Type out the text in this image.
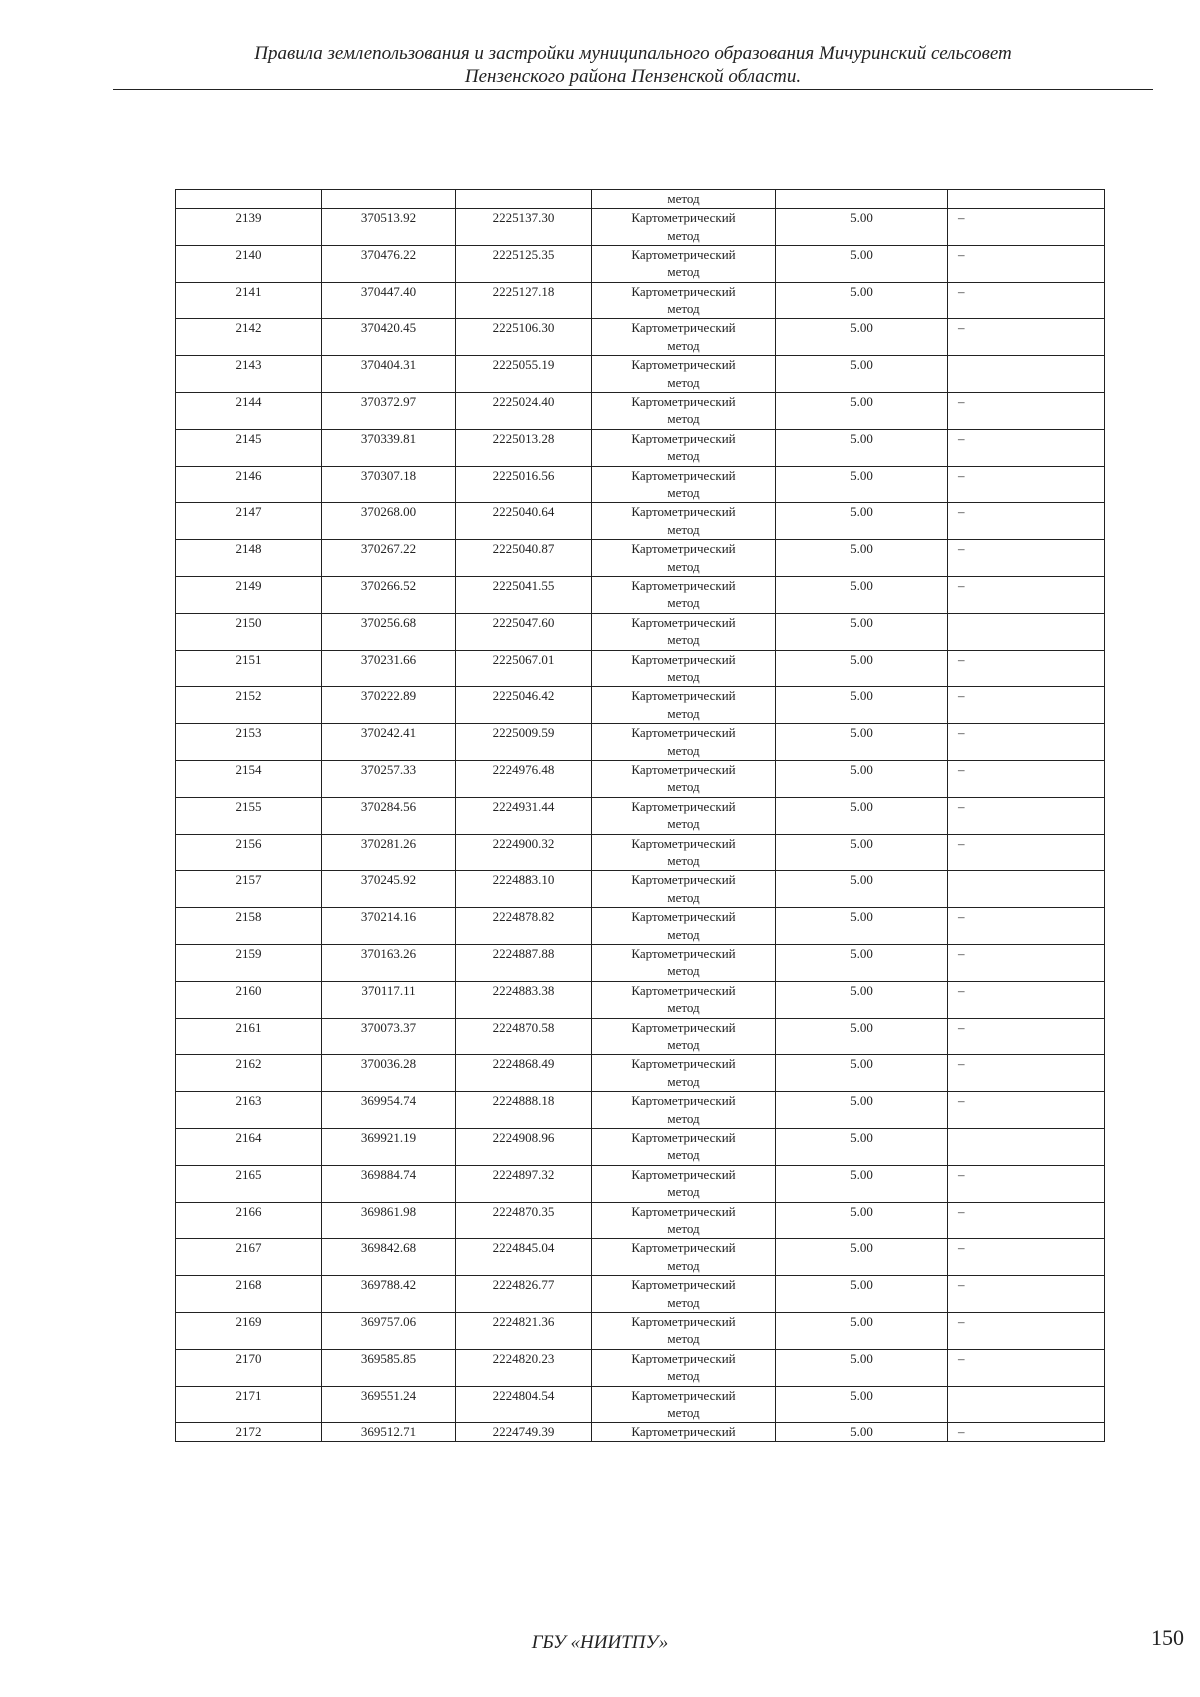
Правила землепользования и застройки муниципального образования Мичуринский сельсовет
Пензенского района Пензенской области.
			метод		
2139	370513.92	2225137.30	Картометрический
метод	5.00	–
2140	370476.22	2225125.35	Картометрический
метод	5.00	–
2141	370447.40	2225127.18	Картометрический
метод	5.00	–
2142	370420.45	2225106.30	Картометрический
метод	5.00	–
2143	370404.31	2225055.19	Картометрический
метод	5.00	
2144	370372.97	2225024.40	Картометрический
метод	5.00	–
2145	370339.81	2225013.28	Картометрический
метод	5.00	–
2146	370307.18	2225016.56	Картометрический
метод	5.00	–
2147	370268.00	2225040.64	Картометрический
метод	5.00	–
2148	370267.22	2225040.87	Картометрический
метод	5.00	–
2149	370266.52	2225041.55	Картометрический
метод	5.00	–
2150	370256.68	2225047.60	Картометрический
метод	5.00	
2151	370231.66	2225067.01	Картометрический
метод	5.00	–
2152	370222.89	2225046.42	Картометрический
метод	5.00	–
2153	370242.41	2225009.59	Картометрический
метод	5.00	–
2154	370257.33	2224976.48	Картометрический
метод	5.00	–
2155	370284.56	2224931.44	Картометрический
метод	5.00	–
2156	370281.26	2224900.32	Картометрический
метод	5.00	–
2157	370245.92	2224883.10	Картометрический
метод	5.00	
2158	370214.16	2224878.82	Картометрический
метод	5.00	–
2159	370163.26	2224887.88	Картометрический
метод	5.00	–
2160	370117.11	2224883.38	Картометрический
метод	5.00	–
2161	370073.37	2224870.58	Картометрический
метод	5.00	–
2162	370036.28	2224868.49	Картометрический
метод	5.00	–
2163	369954.74	2224888.18	Картометрический
метод	5.00	–
2164	369921.19	2224908.96	Картометрический
метод	5.00	
2165	369884.74	2224897.32	Картометрический
метод	5.00	–
2166	369861.98	2224870.35	Картометрический
метод	5.00	–
2167	369842.68	2224845.04	Картометрический
метод	5.00	–
2168	369788.42	2224826.77	Картометрический
метод	5.00	–
2169	369757.06	2224821.36	Картометрический
метод	5.00	–
2170	369585.85	2224820.23	Картометрический
метод	5.00	–
2171	369551.24	2224804.54	Картометрический
метод	5.00	
2172	369512.71	2224749.39	Картометрический	5.00	–
ГБУ «НИИТПУ»	150
